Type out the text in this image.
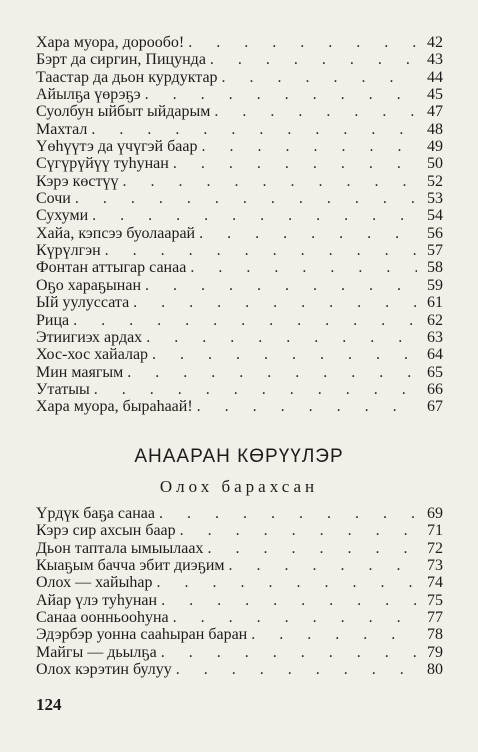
Хара муора, дорообо! . . .	42
Бэрт да сиргин, Пицунда . . .	43
Таастар да дьон курдуктар . . .	44
Айылҕа үөрэҕэ . . .	45
Суолбун ыйбыт ыйдарым . . .	47
Махтал . . .	48
Үөһүүтэ да үчүгэй баар . . .	49
Сүгүрүйүү туһунан . . .	50
Кэрэ көстүү . . .	52
Сочи . . .	53
Сухуми . . .	54
Хайа, кэпсээ буолаарай . . .	56
Күрүлгэн . . .	57
Фонтан аттыгар санаа . . .	58
Оҕо хараҕынан . . .	59
Ый уулуссата . . .	61
Рица . . .	62
Этиигиэх ардах . . .	63
Хос-хос хайалар . . .	64
Мин маягым . . .	65
Утатыы . . .	66
Хара муора, быраһаай! . . .	67
АНААРАН КӨРҮҮЛЭР
Олох барахсан
Үрдүк баҕа санаа . . .	69
Кэрэ сир ахсын баар . . .	71
Дьон таптала ымыылаах . . .	72
Кыаҕым бачча эбит диэҕим . . .	73
Олох — хайыһар . . .	74
Айар үлэ туһунан . . .	75
Санаа оонньооһуна . . .	77
Эдэрбэр уонна сааһыран баран . . .	78
Майгы — дьылҕа . . .	79
Олох кэрэтин булуу . . .	80
124
